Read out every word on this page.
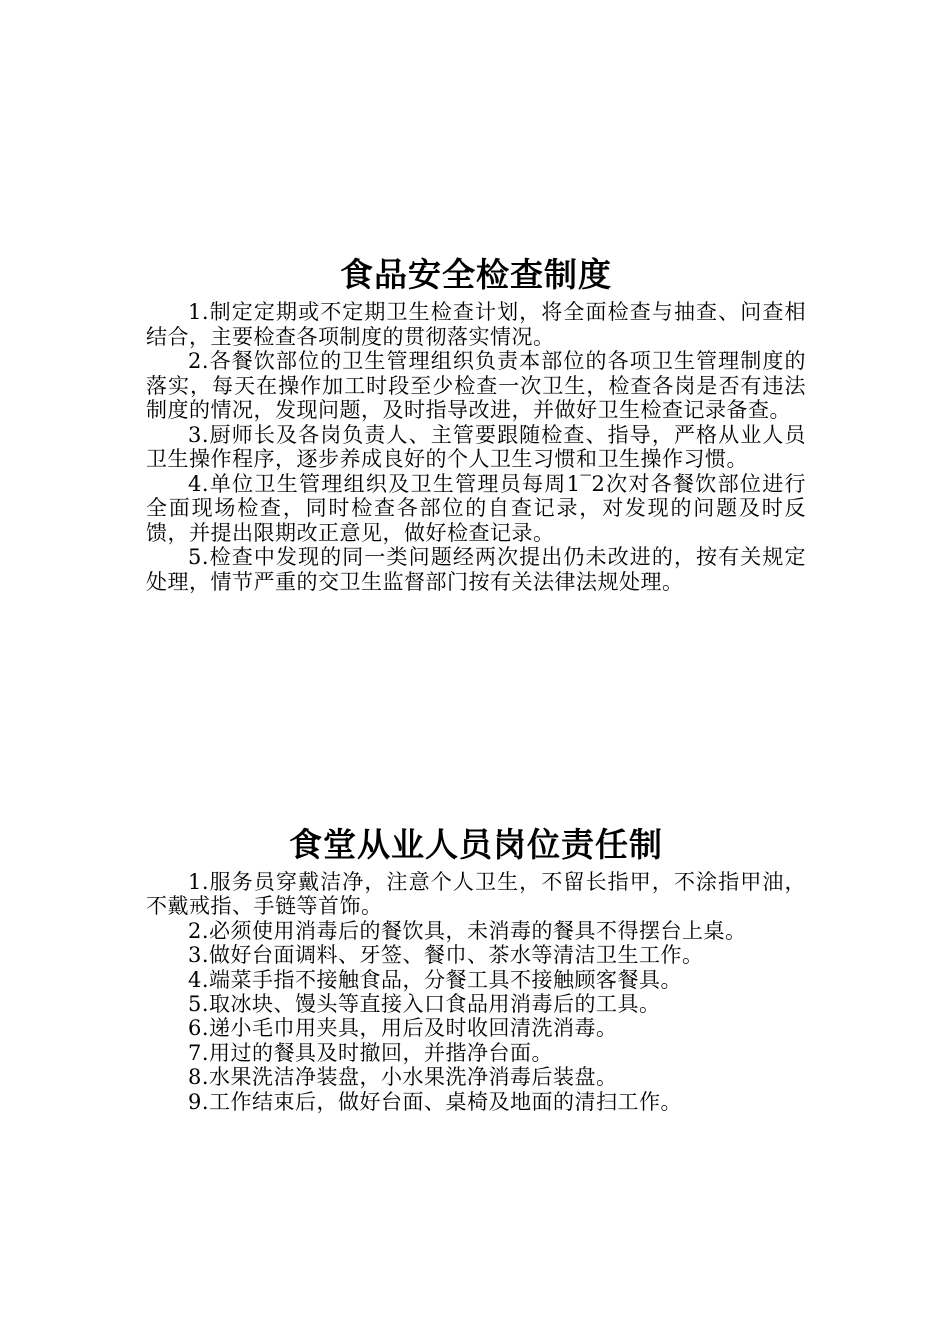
食品安全检查制度

1.制定定期或不定期卫生检查计划，将全面检查与抽查、问查相结合，主要检查各项制度的贯彻落实情况。

2.各餐饮部位的卫生管理组织负责本部位的各项卫生管理制度的落实，每天在操作加工时段至少检查一次卫生，检查各岗是否有违法制度的情况，发现问题，及时指导改进，并做好卫生检查记录备查。

3.厨师长及各岗负责人、主管要跟随检查、指导，严格从业人员卫生操作程序，逐步养成良好的个人卫生习惯和卫生操作习惯。

4.单位卫生管理组织及卫生管理员每周1‾2次对各餐饮部位进行全面现场检查，同时检查各部位的自查记录，对发现的问题及时反馈，并提出限期改正意见，做好检查记录。

5.检查中发现的同一类问题经两次提出仍未改进的，按有关规定处理，情节严重的交卫生监督部门按有关法律法规处理。

食堂从业人员岗位责任制

1.服务员穿戴洁净，注意个人卫生，不留长指甲，不涂指甲油，不戴戒指、手链等首饰。

2.必须使用消毒后的餐饮具，未消毒的餐具不得摆台上桌。

3.做好台面调料、牙签、餐巾、茶水等清洁卫生工作。

4.端菜手指不接触食品，分餐工具不接触顾客餐具。

5.取冰块、馒头等直接入口食品用消毒后的工具。

6.递小毛巾用夹具，用后及时收回清洗消毒。

7.用过的餐具及时撤回，并揩净台面。

8.水果洗洁净装盘，小水果洗净消毒后装盘。

9.工作结束后，做好台面、桌椅及地面的清扫工作。
